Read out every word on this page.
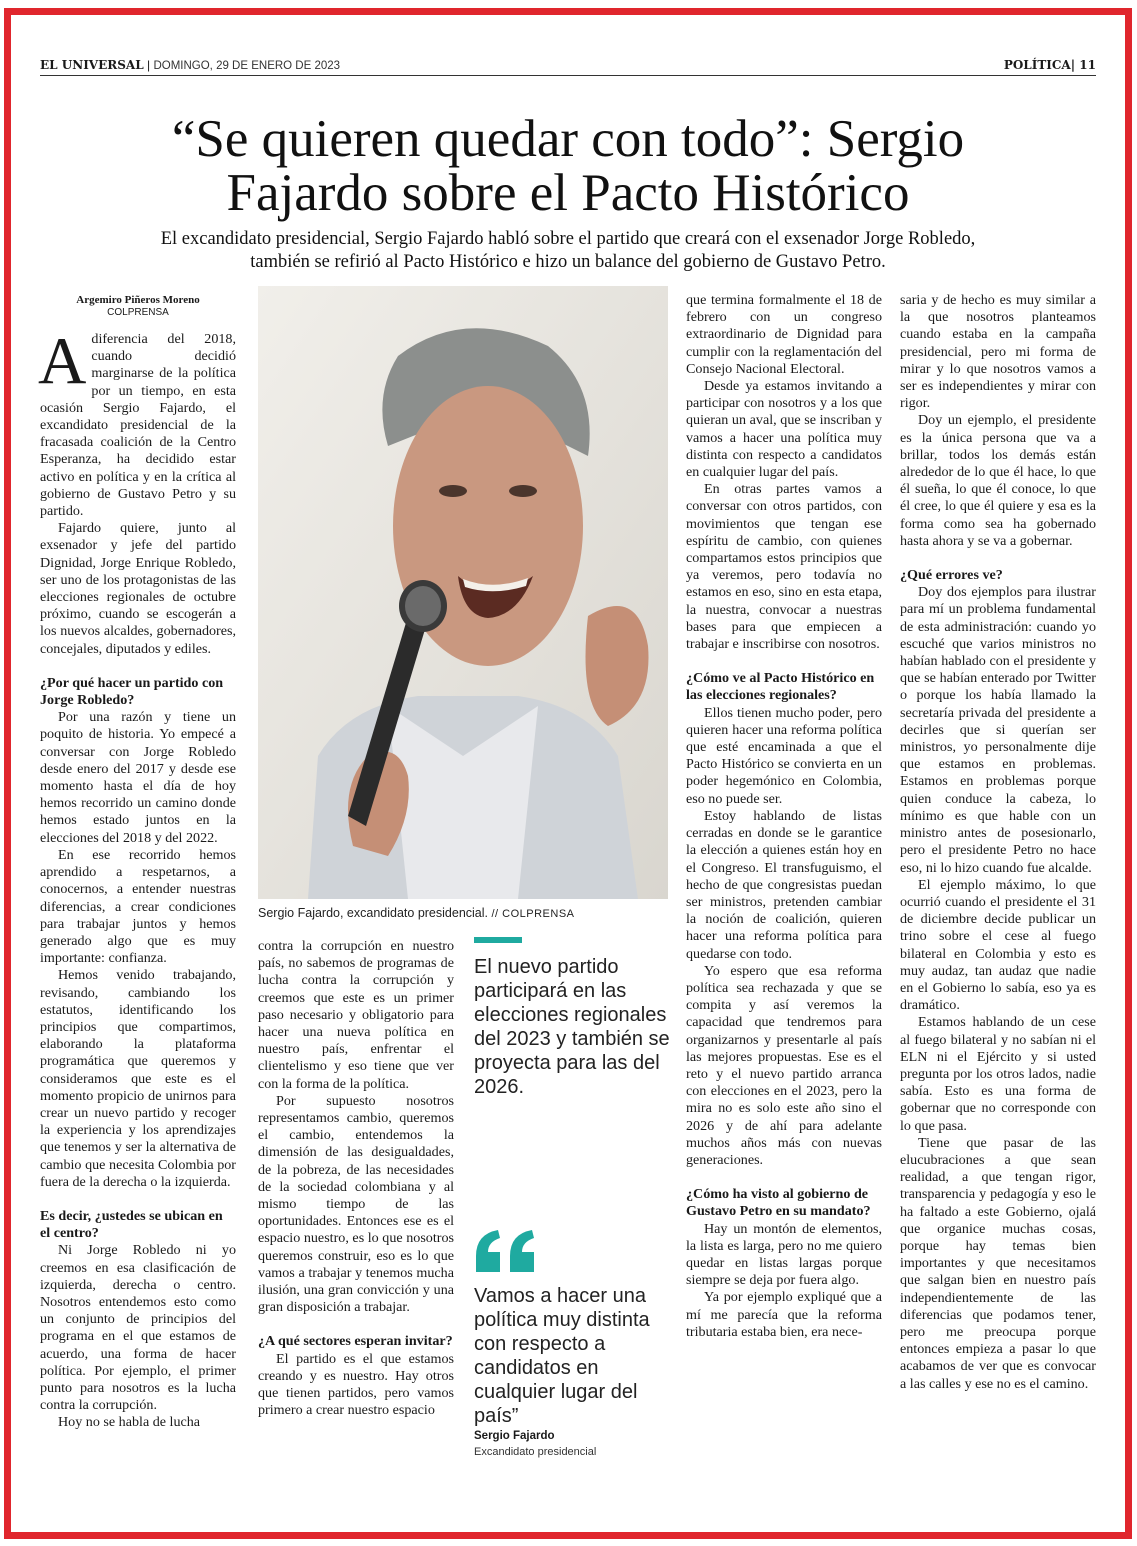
EL UNIVERSAL | DOMINGO, 29 DE ENERO DE 2023	POLÍTICA| 11
“Se quieren quedar con todo”: Sergio
Fajardo sobre el Pacto Histórico
El excandidato presidencial, Sergio Fajardo habló sobre el partido que creará con el exsenador Jorge Robledo,
también se refirió al Pacto Histórico e hizo un balance del gobierno de Gustavo Petro.
Argemiro Piñeros Moreno
COLPRENSA

Adiferencia del 2018, cuando decidió marginarse de la política por un tiempo, en esta ocasión Sergio Fajardo, el excandidato presidencial de la fracasada coalición de la Centro Esperanza, ha decidido estar activo en política y en la crítica al gobierno de Gustavo Petro y su partido.

Fajardo quiere, junto al exsenador y jefe del partido Dignidad, Jorge Enrique Robledo, ser uno de los protagonistas de las elecciones regionales de octubre próximo, cuando se escogerán a los nuevos alcaldes, gobernadores, concejales, diputados y ediles.

¿Por qué hacer un partido con Jorge Robledo?

Por una razón y tiene un poquito de historia. Yo empecé a conversar con Jorge Robledo desde enero del 2017 y desde ese momento hasta el día de hoy hemos recorrido un camino donde hemos estado juntos en la elecciones del 2018 y del 2022.

En ese recorrido hemos aprendido a respetarnos, a conocernos, a entender nuestras diferencias, a crear condiciones para trabajar juntos y hemos generado algo que es muy importante: confianza.

Hemos venido trabajando, revisando, cambiando los estatutos, identificando los principios que compartimos, elaborando la plataforma programática que queremos y consideramos que este es el momento propicio de unirnos para crear un nuevo partido y recoger la experiencia y los aprendizajes que tenemos y ser la alternativa de cambio que necesita Colombia por fuera de la derecha o la izquierda.

Es decir, ¿ustedes se ubican en el centro?

Ni Jorge Robledo ni yo creemos en esa clasificación de izquierda, derecha o centro. Nosotros entendemos esto como un conjunto de principios del programa en el que estamos de acuerdo, una forma de hacer política. Por ejemplo, el primer punto para nosotros es la lucha contra la corrupción.

Hoy no se habla de lucha

Sergio Fajardo, excandidato presidencial. // COLPRENSA

contra la corrupción en nuestro país, no sabemos de programas de lucha contra la corrupción y creemos que este es un primer paso necesario y obligatorio para hacer una nueva política en nuestro país, enfrentar el clientelismo y eso tiene que ver con la forma de la política.

Por supuesto nosotros representamos cambio, queremos el cambio, entendemos la dimensión de las desigualdades, de la pobreza, de las necesidades de la sociedad colombiana y al mismo tiempo de las oportunidades. Entonces ese es el espacio nuestro, es lo que nosotros queremos construir, eso es lo que vamos a trabajar y tenemos mucha ilusión, una gran convicción y una gran disposición a trabajar.

¿A qué sectores esperan invitar?

El partido es el que estamos creando y es nuestro. Hay otros que tienen partidos, pero vamos primero a crear nuestro espacio

El nuevo partido participará en las elecciones regionales del 2023 y también se proyecta para las del 2026.
Vamos a hacer una política muy distinta con respecto a candidatos en cualquier lugar del país”
Sergio Fajardo
Excandidato presidencial

que termina formalmente el 18 de febrero con un congreso extraordinario de Dignidad para cumplir con la reglamentación del Consejo Nacional Electoral.

Desde ya estamos invitando a participar con nosotros y a los que quieran un aval, que se inscriban y vamos a hacer una política muy distinta con respecto a candidatos en cualquier lugar del país.

En otras partes vamos a conversar con otros partidos, con movimientos que tengan ese espíritu de cambio, con quienes compartamos estos principios que ya veremos, pero todavía no estamos en eso, sino en esta etapa, la nuestra, convocar a nuestras bases para que empiecen a trabajar e inscribirse con nosotros.

¿Cómo ve al Pacto Histórico en las elecciones regionales?

Ellos tienen mucho poder, pero quieren hacer una reforma política que esté encaminada a que el Pacto Histórico se convierta en un poder hegemónico en Colombia, eso no puede ser.

Estoy hablando de listas cerradas en donde se le garantice la elección a quienes están hoy en el Congreso. El transfuguismo, el hecho de que congresistas puedan ser ministros, pretenden cambiar la noción de coalición, quieren hacer una reforma política para quedarse con todo.

Yo espero que esa reforma política sea rechazada y que se compita y así veremos la capacidad que tendremos para organizarnos y presentarle al país las mejores propuestas. Ese es el reto y el nuevo partido arranca con elecciones en el 2023, pero la mira no es solo este año sino el 2026 y de ahí para adelante muchos años más con nuevas generaciones.

¿Cómo ha visto al gobierno de Gustavo Petro en su mandato?

Hay un montón de elementos, la lista es larga, pero no me quiero quedar en listas largas porque siempre se deja por fuera algo.

Ya por ejemplo expliqué que a mí me parecía que la reforma tributaria estaba bien, era nece-

saria y de hecho es muy similar a la que nosotros planteamos cuando estaba en la campaña presidencial, pero mi forma de mirar y lo que nosotros vamos a ser es independientes y mirar con rigor.

Doy un ejemplo, el presidente es la única persona que va a brillar, todos los demás están alrededor de lo que él hace, lo que él sueña, lo que él conoce, lo que él cree, lo que él quiere y esa es la forma como sea ha gobernado hasta ahora y se va a gobernar.

¿Qué errores ve?

Doy dos ejemplos para ilustrar para mí un problema fundamental de esta administración: cuando yo escuché que varios ministros no habían hablado con el presidente y que se habían enterado por Twitter o porque los había llamado la secretaría privada del presidente a decirles que si querían ser ministros, yo personalmente dije que estamos en problemas. Estamos en problemas porque quien conduce la cabeza, lo mínimo es que hable con un ministro antes de posesionarlo, pero el presidente Petro no hace eso, ni lo hizo cuando fue alcalde.

El ejemplo máximo, lo que ocurrió cuando el presidente el 31 de diciembre decide publicar un trino sobre el cese al fuego bilateral en Colombia y esto es muy audaz, tan audaz que nadie en el Gobierno lo sabía, eso ya es dramático.

Estamos hablando de un cese al fuego bilateral y no sabían ni el ELN ni el Ejército y si usted pregunta por los otros lados, nadie sabía. Esto es una forma de gobernar que no corresponde con lo que pasa.

Tiene que pasar de las elucubraciones a que sean realidad, a que tengan rigor, transparencia y pedagogía y eso le ha faltado a este Gobierno, ojalá que organice muchas cosas, porque hay temas bien importantes y que necesitamos que salgan bien en nuestro país independientemente de las diferencias que podamos tener, pero me preocupa porque entonces empieza a pasar lo que acabamos de ver que es convocar a las calles y ese no es el camino.
